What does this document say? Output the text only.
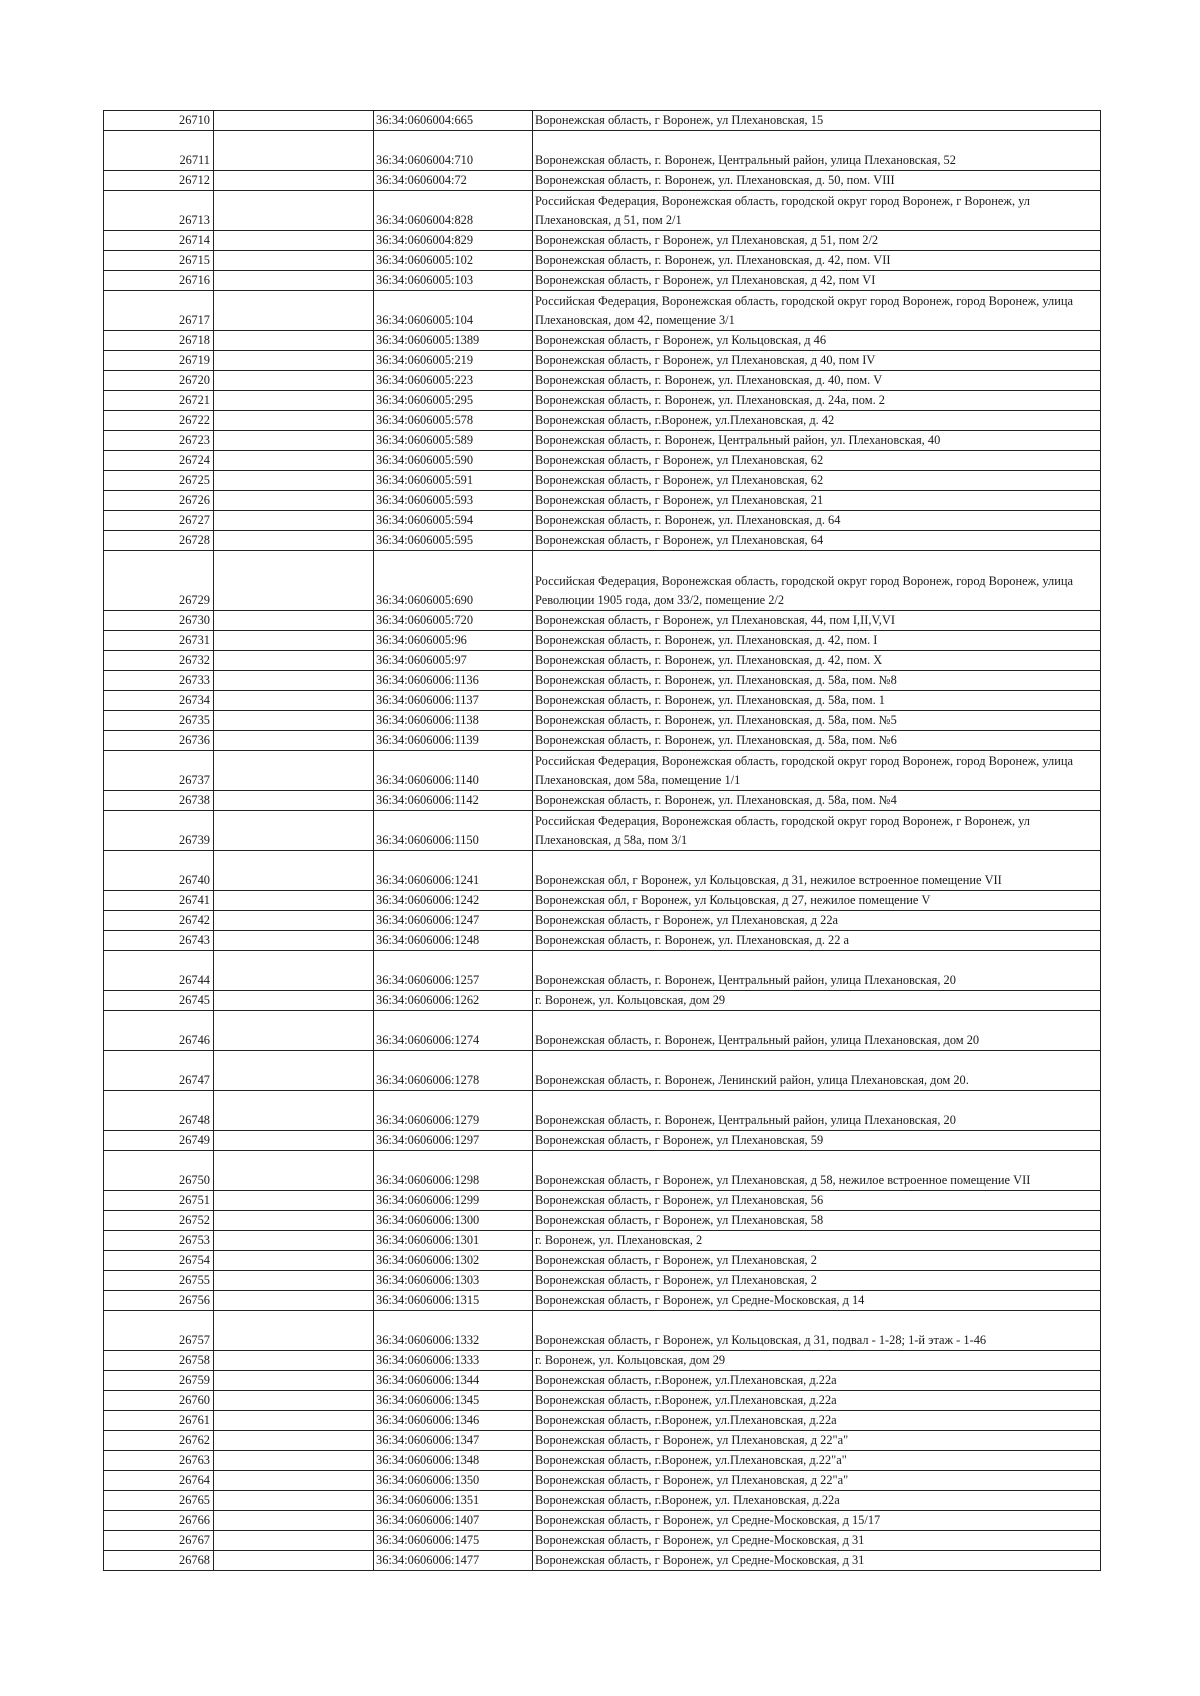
26710		36:34:0606004:665	Воронежская область, г Воронеж, ул Плехановская, 15
26711		36:34:0606004:710	Воронежская область, г. Воронеж, Центральный район, улица Плехановская, 52
26712		36:34:0606004:72	Воронежская область, г. Воронеж, ул. Плехановская, д. 50, пом. VIII
26713		36:34:0606004:828	Российская Федерация, Воронежская область, городской округ город Воронеж, г Воронеж, ул Плехановская, д 51, пом 2/1
26714		36:34:0606004:829	Воронежская область, г Воронеж, ул Плехановская, д 51, пом 2/2
26715		36:34:0606005:102	Воронежская область, г. Воронеж, ул. Плехановская, д. 42, пом. VII
26716		36:34:0606005:103	Воронежская область, г Воронеж, ул Плехановская, д 42, пом VI
26717		36:34:0606005:104	Российская Федерация, Воронежская область, городской округ город Воронеж, город Воронеж, улица Плехановская, дом 42, помещение 3/1
26718		36:34:0606005:1389	Воронежская область, г Воронеж, ул Кольцовская, д 46
26719		36:34:0606005:219	Воронежская область, г Воронеж, ул Плехановская, д 40, пом IV
26720		36:34:0606005:223	Воронежская область, г. Воронеж, ул. Плехановская, д. 40, пом. V
26721		36:34:0606005:295	Воронежская область, г. Воронеж, ул. Плехановская, д. 24а, пом. 2
26722		36:34:0606005:578	Воронежская область, г.Воронеж, ул.Плехановская, д. 42
26723		36:34:0606005:589	Воронежская область, г. Воронеж, Центральный район, ул. Плехановская, 40
26724		36:34:0606005:590	Воронежская область, г Воронеж, ул Плехановская, 62
26725		36:34:0606005:591	Воронежская область, г Воронеж, ул Плехановская, 62
26726		36:34:0606005:593	Воронежская область, г Воронеж, ул Плехановская, 21
26727		36:34:0606005:594	Воронежская область, г. Воронеж, ул. Плехановская, д. 64
26728		36:34:0606005:595	Воронежская область, г Воронеж, ул Плехановская, 64
26729		36:34:0606005:690	Российская Федерация, Воронежская область, городской округ город Воронеж, город Воронеж, улица Революции 1905 года, дом 33/2, помещение 2/2
26730		36:34:0606005:720	Воронежская область, г Воронеж, ул Плехановская, 44, пом I,II,V,VI
26731		36:34:0606005:96	Воронежская область, г. Воронеж, ул. Плехановская, д. 42, пом. I
26732		36:34:0606005:97	Воронежская область, г. Воронеж, ул. Плехановская, д. 42, пом. X
26733		36:34:0606006:1136	Воронежская область, г. Воронеж, ул. Плехановская, д. 58а, пом. №8
26734		36:34:0606006:1137	Воронежская область, г. Воронеж, ул. Плехановская, д. 58а, пом. 1
26735		36:34:0606006:1138	Воронежская область, г. Воронеж, ул. Плехановская, д. 58а, пом. №5
26736		36:34:0606006:1139	Воронежская область, г. Воронеж, ул. Плехановская, д. 58а, пом. №6
26737		36:34:0606006:1140	Российская Федерация, Воронежская область, городской округ город Воронеж, город Воронеж, улица Плехановская, дом 58а, помещение 1/1
26738		36:34:0606006:1142	Воронежская область, г. Воронеж, ул. Плехановская, д. 58а, пом. №4
26739		36:34:0606006:1150	Российская Федерация, Воронежская область, городской округ город Воронеж, г Воронеж, ул Плехановская, д 58а, пом 3/1
26740		36:34:0606006:1241	Воронежская обл, г Воронеж, ул Кольцовская, д 31, нежилое встроенное помещение VII
26741		36:34:0606006:1242	Воронежская обл, г Воронеж, ул Кольцовская, д 27, нежилое помещение V
26742		36:34:0606006:1247	Воронежская область, г Воронеж, ул Плехановская, д 22а
26743		36:34:0606006:1248	Воронежская область, г. Воронеж, ул. Плехановская, д. 22 а
26744		36:34:0606006:1257	Воронежская область, г. Воронеж, Центральный район, улица Плехановская, 20
26745		36:34:0606006:1262	г. Воронеж, ул. Кольцовская, дом 29
26746		36:34:0606006:1274	Воронежская область, г. Воронеж, Центральный район, улица Плехановская, дом 20
26747		36:34:0606006:1278	Воронежская область, г. Воронеж, Ленинский район, улица Плехановская, дом 20.
26748		36:34:0606006:1279	Воронежская область, г. Воронеж, Центральный район, улица Плехановская, 20
26749		36:34:0606006:1297	Воронежская область, г Воронеж, ул Плехановская, 59
26750		36:34:0606006:1298	Воронежская область, г Воронеж, ул Плехановская, д 58, нежилое встроенное помещение VII
26751		36:34:0606006:1299	Воронежская область, г Воронеж, ул Плехановская, 56
26752		36:34:0606006:1300	Воронежская область, г Воронеж, ул Плехановская, 58
26753		36:34:0606006:1301	г. Воронеж, ул. Плехановская, 2
26754		36:34:0606006:1302	Воронежская область, г Воронеж, ул Плехановская, 2
26755		36:34:0606006:1303	Воронежская область, г Воронеж, ул Плехановская, 2
26756		36:34:0606006:1315	Воронежская область, г Воронеж, ул Средне-Московская, д 14
26757		36:34:0606006:1332	Воронежская область, г Воронеж, ул Кольцовская, д 31, подвал - 1-28; 1-й этаж - 1-46
26758		36:34:0606006:1333	г. Воронеж, ул. Кольцовская, дом 29
26759		36:34:0606006:1344	Воронежская область, г.Воронеж, ул.Плехановская, д.22а
26760		36:34:0606006:1345	Воронежская область, г.Воронеж, ул.Плехановская, д.22а
26761		36:34:0606006:1346	Воронежская область, г.Воронеж, ул.Плехановская, д.22а
26762		36:34:0606006:1347	Воронежская область, г Воронеж, ул Плехановская, д 22"а"
26763		36:34:0606006:1348	Воронежская область, г.Воронеж, ул.Плехановская, д.22"а"
26764		36:34:0606006:1350	Воронежская область, г Воронеж, ул Плехановская, д 22"а"
26765		36:34:0606006:1351	Воронежская область, г.Воронеж, ул. Плехановская, д.22а
26766		36:34:0606006:1407	Воронежская область, г Воронеж, ул Средне-Московская, д 15/17
26767		36:34:0606006:1475	Воронежская область, г Воронеж, ул Средне-Московская, д 31
26768		36:34:0606006:1477	Воронежская область, г Воронеж, ул Средне-Московская, д 31
